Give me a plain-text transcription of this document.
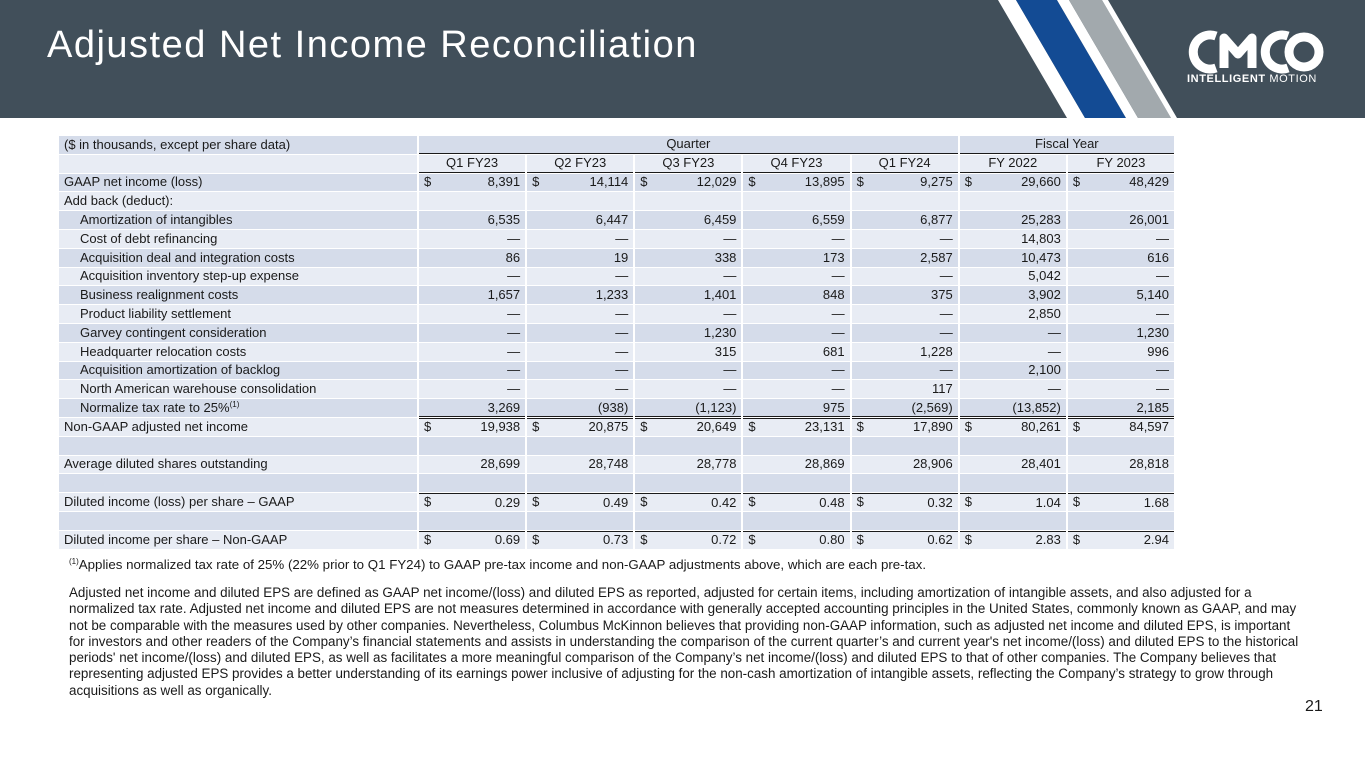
Adjusted Net Income Reconciliation
INTELLIGENT MOTION
($ in thousands, except per share data)	Quarter					Fiscal Year	
	Q1 FY23	Q2 FY23	Q3 FY23	Q4 FY23	Q1 FY24	FY 2022	FY 2023
GAAP net income (loss)	$ 8,391	$ 14,114	$ 12,029	$ 13,895	$ 9,275	$ 29,660	$ 48,429
Add back (deduct):							
Amortization of intangibles	6,535	6,447	6,459	6,559	6,877	25,283	26,001
Cost of debt refinancing	—	—	—	—	—	14,803	—
Acquisition deal and integration costs	86	19	338	173	2,587	10,473	616
Acquisition inventory step-up expense	—	—	—	—	—	5,042	—
Business realignment costs	1,657	1,233	1,401	848	375	3,902	5,140
Product liability settlement	—	—	—	—	—	2,850	—
Garvey contingent consideration	—	—	1,230	—	—	—	1,230
Headquarter relocation costs	—	—	315	681	1,228	—	996
Acquisition amortization of backlog	—	—	—	—	—	2,100	—
North American warehouse consolidation	—	—	—	—	117	—	—
Normalize tax rate to 25%$^{(1)}$	3,269	(938)	(1,123)	975	(2,569)	(13,852)	2,185
Non-GAAP adjusted net income	$ 19,938	$ 20,875	$ 20,649	$ 23,131	$ 17,890	$ 80,261	$ 84,597

Average diluted shares outstanding	28,699	28,748	28,778	28,869	28,906	28,401	28,818

Diluted income (loss) per share – GAAP	$ 0.29	$ 0.49	$ 0.42	$ 0.48	$ 0.32	$ 1.04	$ 1.68

Diluted income per share – Non-GAAP	$ 0.69	$ 0.73	$ 0.72	$ 0.80	$ 0.62	$ 2.83	$ 2.94
$^{(1)}$Applies normalized tax rate of 25% (22% prior to Q1 FY24) to GAAP pre-tax income and non-GAAP adjustments above, which are each pre-tax.
Adjusted net income and diluted EPS are defined as GAAP net income/(loss) and diluted EPS as reported, adjusted for certain items, including amortization of intangible assets, and also adjusted for a normalized tax rate. Adjusted net income and diluted EPS are not measures determined in accordance with generally accepted accounting principles in the United States, commonly known as GAAP, and may not be comparable with the measures used by other companies. Nevertheless, Columbus McKinnon believes that providing non-GAAP information, such as adjusted net income and diluted EPS, is important for investors and other readers of the Company’s financial statements and assists in understanding the comparison of the current quarter’s and current year's net income/(loss) and diluted EPS to the historical periods' net income/(loss) and diluted EPS, as well as facilitates a more meaningful comparison of the Company’s net income/(loss) and diluted EPS to that of other companies. The Company believes that representing adjusted EPS provides a better understanding of its earnings power inclusive of adjusting for the non-cash amortization of intangible assets, reflecting the Company’s strategy to grow through acquisitions as well as organically.
21
